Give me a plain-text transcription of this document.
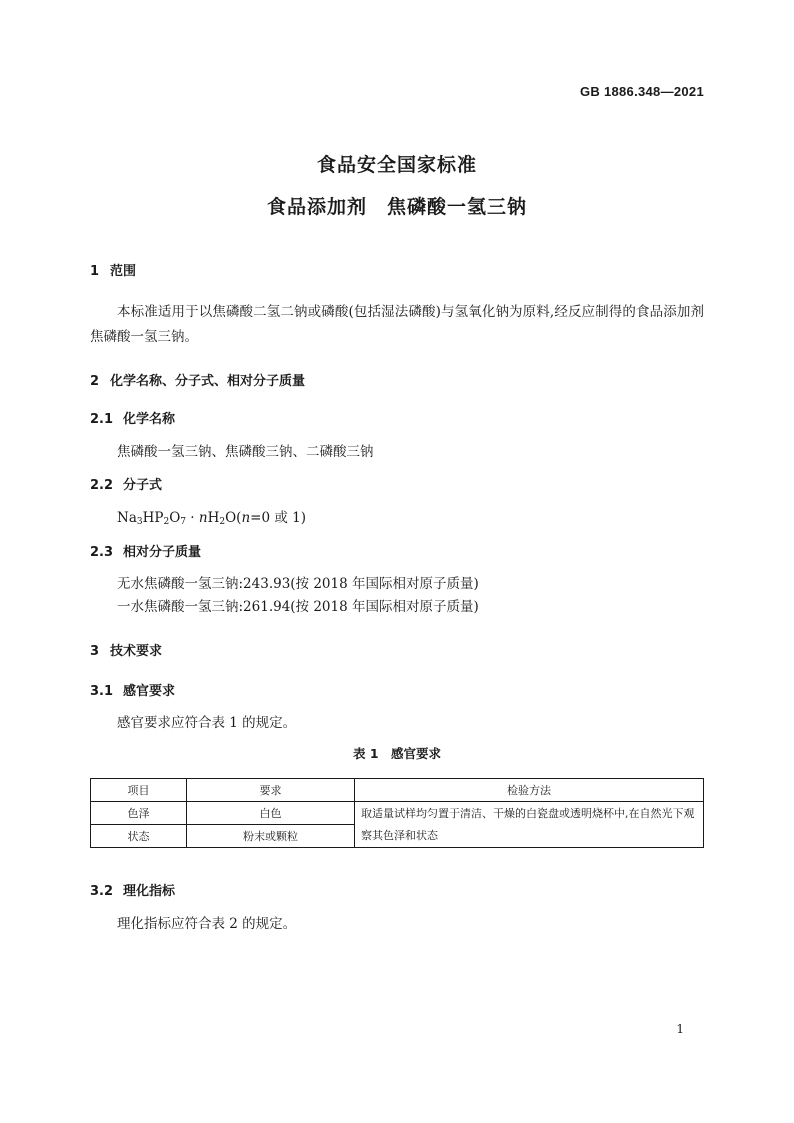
GB 1886.348—2021
食品安全国家标准
食品添加剂　焦磷酸一氢三钠
1 范围

本标准适用于以焦磷酸二氢二钠或磷酸(包括湿法磷酸)与氢氧化钠为原料,经反应制得的食品添加剂焦磷酸一氢三钠。

2 化学名称、分子式、相对分子质量
2.1 化学名称
焦磷酸一氢三钠、焦磷酸三钠、二磷酸三钠
2.2 分子式
$Na_3HP_2O_7 \cdot nH_2O(n=0$ 或 1)
2.3 相对分子质量
无水焦磷酸一氢三钠:243.93(按 2018 年国际相对原子质量)
一水焦磷酸一氢三钠:261.94(按 2018 年国际相对原子质量)
3 技术要求
3.1 感官要求
感官要求应符合表 1 的规定。
表 1　感官要求
项目	要求	检验方法
色泽	白色	取适量试样均匀置于清洁、干燥的白瓷盘或透明烧杯中,在自然光下观察其色泽和状态
状态	粉末或颗粒	
3.2 理化指标
理化指标应符合表 2 的规定。
1
